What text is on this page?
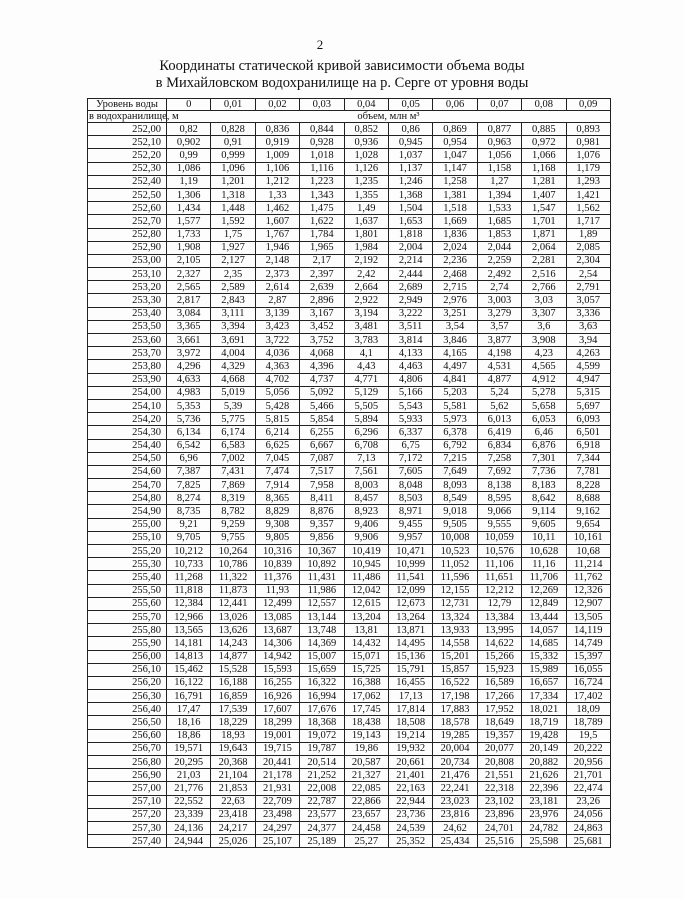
2
Координаты статической кривой зависимости объема воды
в Михайловском водохранилище на р. Серге от уровня воды
Уровень воды	0	0,01	0,02	0,03	0,04	0,05	0,06	0,07	0,08	0,09
в водохранилище, м	объем, млн м³									
252,00	0,82	0,828	0,836	0,844	0,852	0,86	0,869	0,877	0,885	0,893
252,10	0,902	0,91	0,919	0,928	0,936	0,945	0,954	0,963	0,972	0,981
252,20	0,99	0,999	1,009	1,018	1,028	1,037	1,047	1,056	1,066	1,076
252,30	1,086	1,096	1,106	1,116	1,126	1,137	1,147	1,158	1,168	1,179
252,40	1,19	1,201	1,212	1,223	1,235	1,246	1,258	1,27	1,281	1,293
252,50	1,306	1,318	1,33	1,343	1,355	1,368	1,381	1,394	1,407	1,421
252,60	1,434	1,448	1,462	1,475	1,49	1,504	1,518	1,533	1,547	1,562
252,70	1,577	1,592	1,607	1,622	1,637	1,653	1,669	1,685	1,701	1,717
252,80	1,733	1,75	1,767	1,784	1,801	1,818	1,836	1,853	1,871	1,89
252,90	1,908	1,927	1,946	1,965	1,984	2,004	2,024	2,044	2,064	2,085
253,00	2,105	2,127	2,148	2,17	2,192	2,214	2,236	2,259	2,281	2,304
253,10	2,327	2,35	2,373	2,397	2,42	2,444	2,468	2,492	2,516	2,54
253,20	2,565	2,589	2,614	2,639	2,664	2,689	2,715	2,74	2,766	2,791
253,30	2,817	2,843	2,87	2,896	2,922	2,949	2,976	3,003	3,03	3,057
253,40	3,084	3,111	3,139	3,167	3,194	3,222	3,251	3,279	3,307	3,336
253,50	3,365	3,394	3,423	3,452	3,481	3,511	3,54	3,57	3,6	3,63
253,60	3,661	3,691	3,722	3,752	3,783	3,814	3,846	3,877	3,908	3,94
253,70	3,972	4,004	4,036	4,068	4,1	4,133	4,165	4,198	4,23	4,263
253,80	4,296	4,329	4,363	4,396	4,43	4,463	4,497	4,531	4,565	4,599
253,90	4,633	4,668	4,702	4,737	4,771	4,806	4,841	4,877	4,912	4,947
254,00	4,983	5,019	5,056	5,092	5,129	5,166	5,203	5,24	5,278	5,315
254,10	5,353	5,39	5,428	5,466	5,505	5,543	5,581	5,62	5,658	5,697
254,20	5,736	5,775	5,815	5,854	5,894	5,933	5,973	6,013	6,053	6,093
254,30	6,134	6,174	6,214	6,255	6,296	6,337	6,378	6,419	6,46	6,501
254,40	6,542	6,583	6,625	6,667	6,708	6,75	6,792	6,834	6,876	6,918
254,50	6,96	7,002	7,045	7,087	7,13	7,172	7,215	7,258	7,301	7,344
254,60	7,387	7,431	7,474	7,517	7,561	7,605	7,649	7,692	7,736	7,781
254,70	7,825	7,869	7,914	7,958	8,003	8,048	8,093	8,138	8,183	8,228
254,80	8,274	8,319	8,365	8,411	8,457	8,503	8,549	8,595	8,642	8,688
254,90	8,735	8,782	8,829	8,876	8,923	8,971	9,018	9,066	9,114	9,162
255,00	9,21	9,259	9,308	9,357	9,406	9,455	9,505	9,555	9,605	9,654
255,10	9,705	9,755	9,805	9,856	9,906	9,957	10,008	10,059	10,11	10,161
255,20	10,212	10,264	10,316	10,367	10,419	10,471	10,523	10,576	10,628	10,68
255,30	10,733	10,786	10,839	10,892	10,945	10,999	11,052	11,106	11,16	11,214
255,40	11,268	11,322	11,376	11,431	11,486	11,541	11,596	11,651	11,706	11,762
255,50	11,818	11,873	11,93	11,986	12,042	12,099	12,155	12,212	12,269	12,326
255,60	12,384	12,441	12,499	12,557	12,615	12,673	12,731	12,79	12,849	12,907
255,70	12,966	13,026	13,085	13,144	13,204	13,264	13,324	13,384	13,444	13,505
255,80	13,565	13,626	13,687	13,748	13,81	13,871	13,933	13,995	14,057	14,119
255,90	14,181	14,243	14,306	14,369	14,432	14,495	14,558	14,622	14,685	14,749
256,00	14,813	14,877	14,942	15,007	15,071	15,136	15,201	15,266	15,332	15,397
256,10	15,462	15,528	15,593	15,659	15,725	15,791	15,857	15,923	15,989	16,055
256,20	16,122	16,188	16,255	16,322	16,388	16,455	16,522	16,589	16,657	16,724
256,30	16,791	16,859	16,926	16,994	17,062	17,13	17,198	17,266	17,334	17,402
256,40	17,47	17,539	17,607	17,676	17,745	17,814	17,883	17,952	18,021	18,09
256,50	18,16	18,229	18,299	18,368	18,438	18,508	18,578	18,649	18,719	18,789
256,60	18,86	18,93	19,001	19,072	19,143	19,214	19,285	19,357	19,428	19,5
256,70	19,571	19,643	19,715	19,787	19,86	19,932	20,004	20,077	20,149	20,222
256,80	20,295	20,368	20,441	20,514	20,587	20,661	20,734	20,808	20,882	20,956
256,90	21,03	21,104	21,178	21,252	21,327	21,401	21,476	21,551	21,626	21,701
257,00	21,776	21,853	21,931	22,008	22,085	22,163	22,241	22,318	22,396	22,474
257,10	22,552	22,63	22,709	22,787	22,866	22,944	23,023	23,102	23,181	23,26
257,20	23,339	23,418	23,498	23,577	23,657	23,736	23,816	23,896	23,976	24,056
257,30	24,136	24,217	24,297	24,377	24,458	24,539	24,62	24,701	24,782	24,863
257,40	24,944	25,026	25,107	25,189	25,27	25,352	25,434	25,516	25,598	25,681
